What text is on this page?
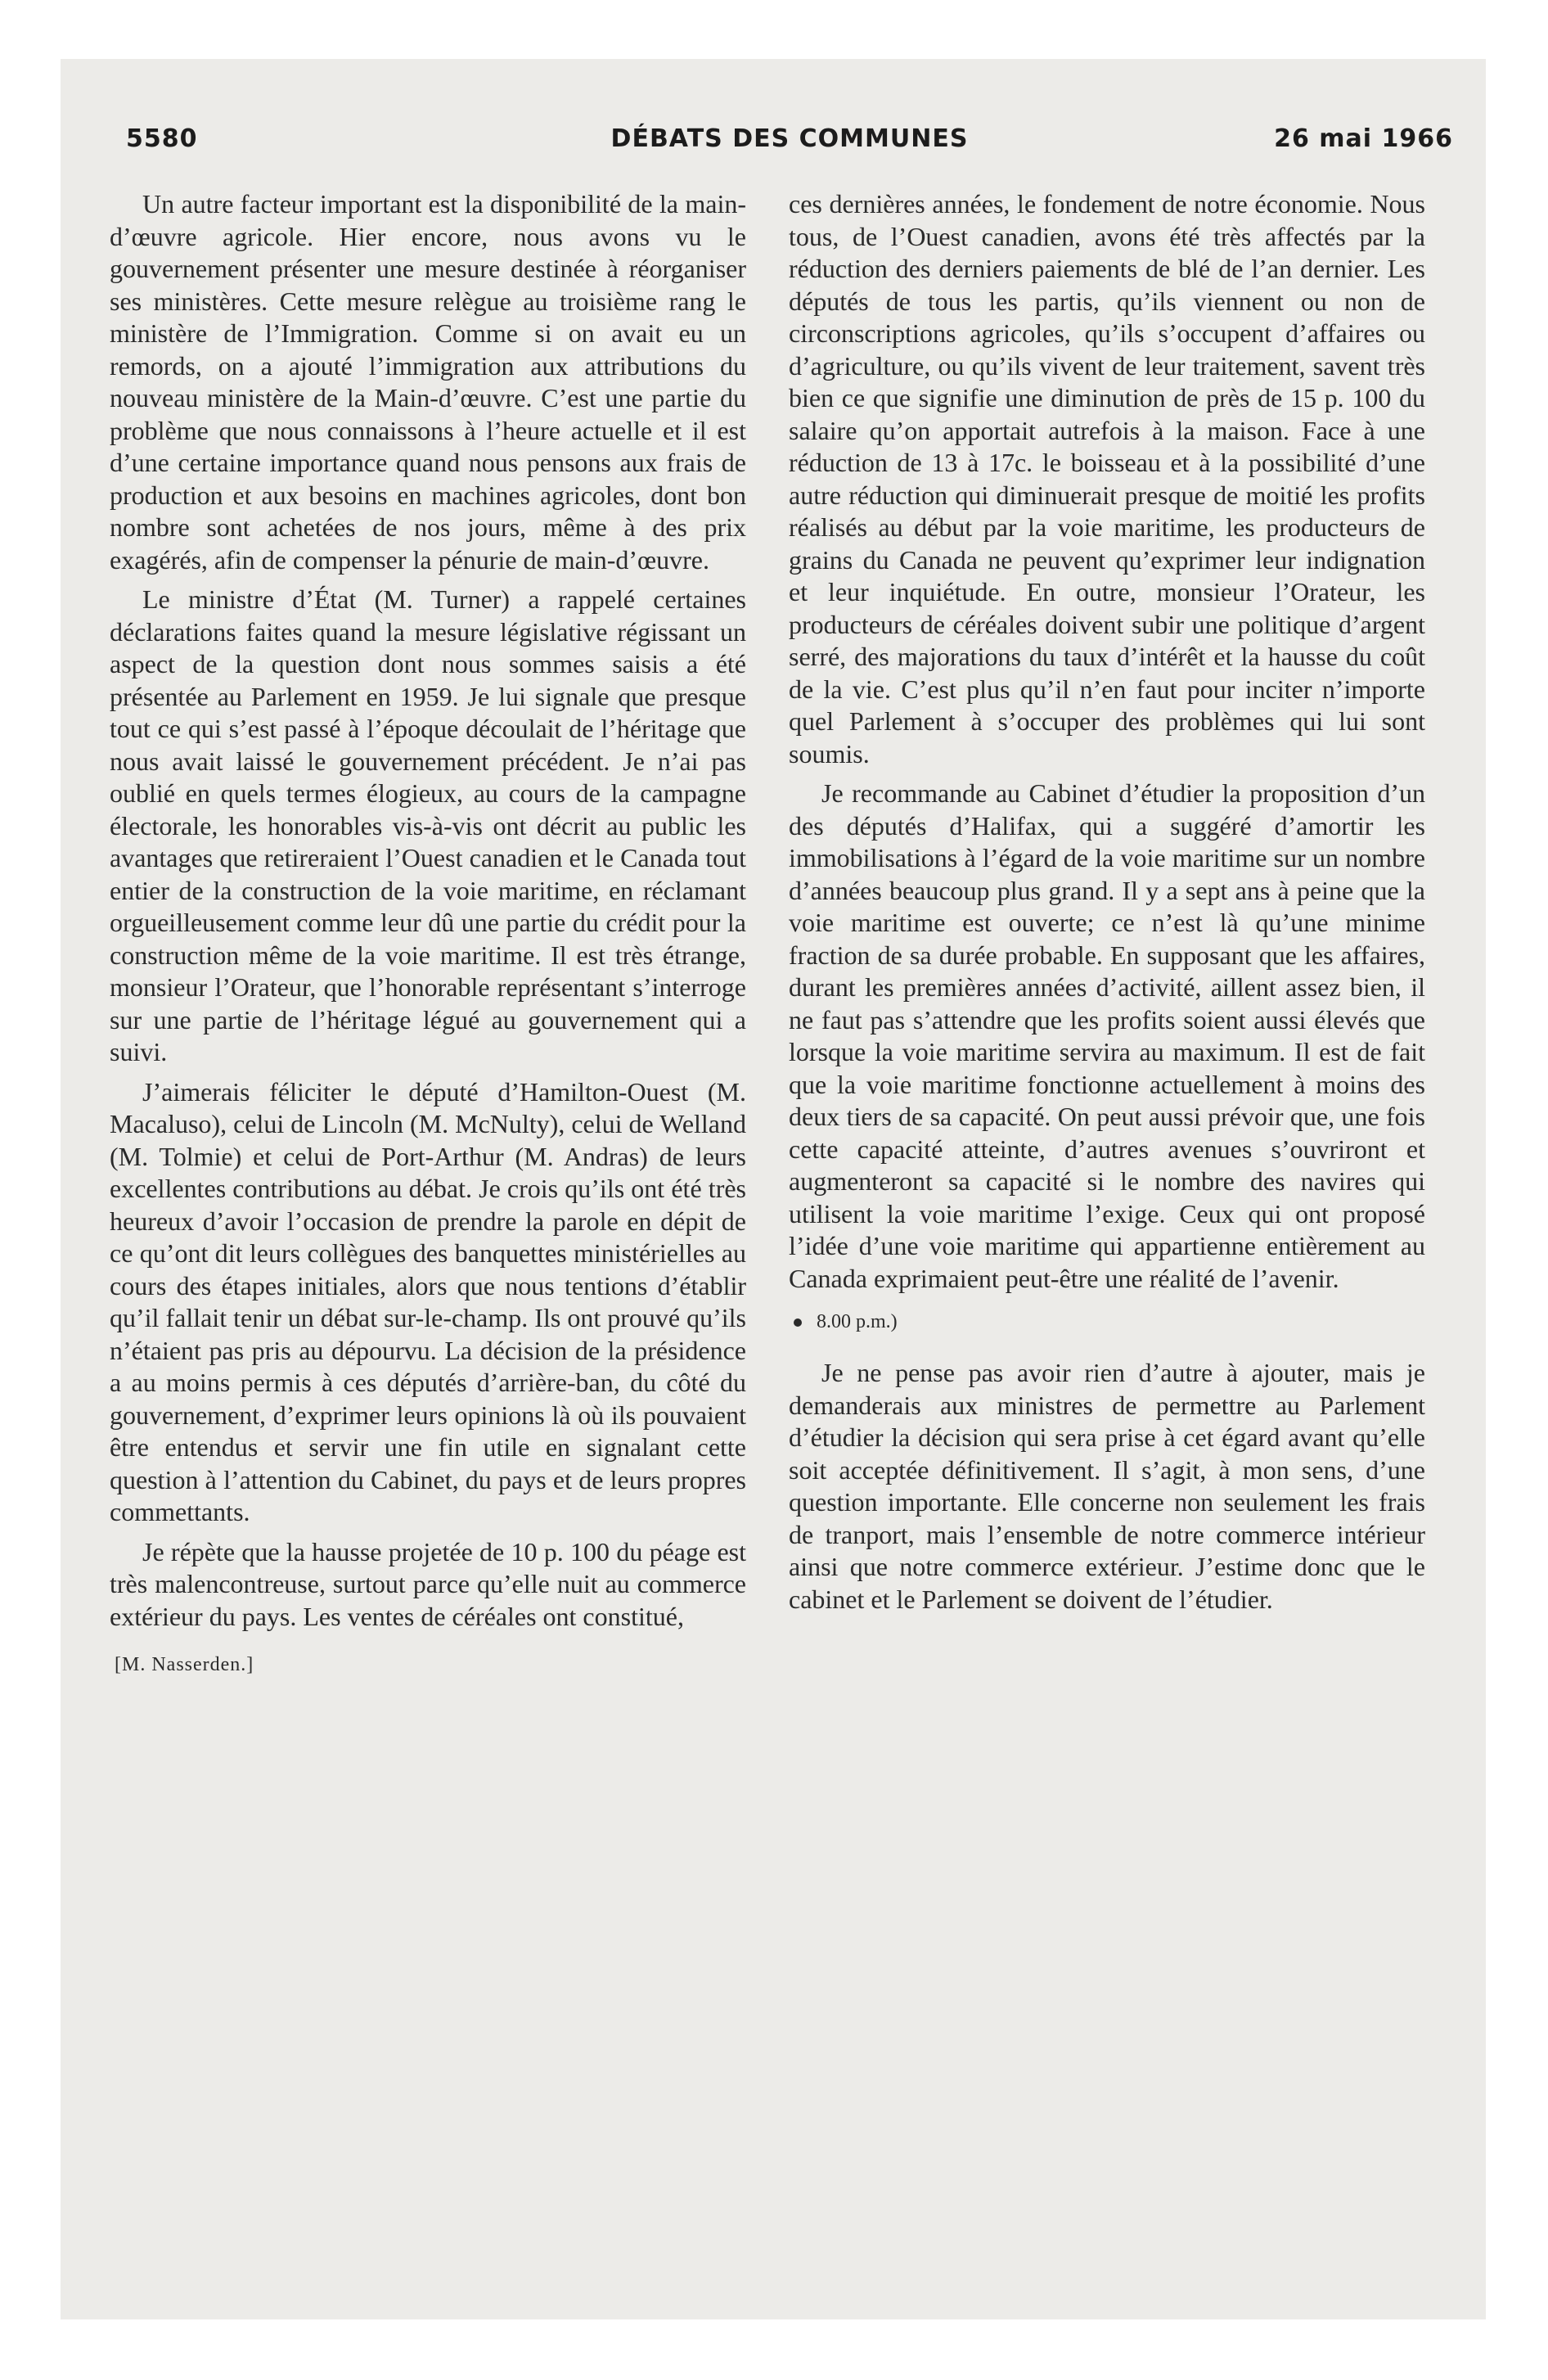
5580	DÉBATS DES COMMUNES	26 mai 1966

Un autre facteur important est la disponibilité de la main-d’œuvre agricole. Hier encore, nous avons vu le gouvernement présenter une mesure destinée à réorganiser ses ministères. Cette mesure relègue au troisième rang le ministère de l’Immigration. Comme si on avait eu un remords, on a ajouté l’immigration aux attributions du nouveau ministère de la Main-d’œuvre. C’est une partie du problème que nous connaissons à l’heure actuelle et il est d’une certaine importance quand nous pensons aux frais de production et aux besoins en machines agricoles, dont bon nombre sont achetées de nos jours, même à des prix exagérés, afin de compenser la pénurie de main-d’œuvre.

Le ministre d’État (M. Turner) a rappelé certaines déclarations faites quand la mesure législative régissant un aspect de la question dont nous sommes saisis a été présentée au Parlement en 1959. Je lui signale que presque tout ce qui s’est passé à l’époque découlait de l’héritage que nous avait laissé le gouvernement précédent. Je n’ai pas oublié en quels termes élogieux, au cours de la campagne électorale, les honorables vis-à-vis ont décrit au public les avantages que retireraient l’Ouest canadien et le Canada tout entier de la construction de la voie maritime, en réclamant orgueilleusement comme leur dû une partie du crédit pour la construction même de la voie maritime. Il est très étrange, monsieur l’Orateur, que l’honorable représentant s’interroge sur une partie de l’héritage légué au gouvernement qui a suivi.

J’aimerais féliciter le député d’Hamilton-Ouest (M. Macaluso), celui de Lincoln (M. McNulty), celui de Welland (M. Tolmie) et celui de Port-Arthur (M. Andras) de leurs excellentes contributions au débat. Je crois qu’ils ont été très heureux d’avoir l’occasion de prendre la parole en dépit de ce qu’ont dit leurs collègues des banquettes ministérielles au cours des étapes initiales, alors que nous tentions d’établir qu’il fallait tenir un débat sur-le-champ. Ils ont prouvé qu’ils n’étaient pas pris au dépourvu. La décision de la présidence a au moins permis à ces députés d’arrière-ban, du côté du gouvernement, d’exprimer leurs opinions là où ils pouvaient être entendus et servir une fin utile en signalant cette question à l’attention du Cabinet, du pays et de leurs propres commettants.

Je répète que la hausse projetée de 10 p. 100 du péage est très malencontreuse, surtout parce qu’elle nuit au commerce extérieur du pays. Les ventes de céréales ont constitué,

[M. Nasserden.]

ces dernières années, le fondement de notre économie. Nous tous, de l’Ouest canadien, avons été très affectés par la réduction des derniers paiements de blé de l’an dernier. Les députés de tous les partis, qu’ils viennent ou non de circonscriptions agricoles, qu’ils s’occupent d’affaires ou d’agriculture, ou qu’ils vivent de leur traitement, savent très bien ce que signifie une diminution de près de 15 p. 100 du salaire qu’on apportait autrefois à la maison. Face à une réduction de 13 à 17c. le boisseau et à la possibilité d’une autre réduction qui diminuerait presque de moitié les profits réalisés au début par la voie maritime, les producteurs de grains du Canada ne peuvent qu’exprimer leur indignation et leur inquiétude. En outre, monsieur l’Orateur, les producteurs de céréales doivent subir une politique d’argent serré, des majorations du taux d’intérêt et la hausse du coût de la vie. C’est plus qu’il n’en faut pour inciter n’importe quel Parlement à s’occuper des problèmes qui lui sont soumis.

Je recommande au Cabinet d’étudier la proposition d’un des députés d’Halifax, qui a suggéré d’amortir les immobilisations à l’égard de la voie maritime sur un nombre d’années beaucoup plus grand. Il y a sept ans à peine que la voie maritime est ouverte; ce n’est là qu’une minime fraction de sa durée probable. En supposant que les affaires, durant les premières années d’activité, aillent assez bien, il ne faut pas s’attendre que les profits soient aussi élevés que lorsque la voie maritime servira au maximum. Il est de fait que la voie maritime fonctionne actuellement à moins des deux tiers de sa capacité. On peut aussi prévoir que, une fois cette capacité atteinte, d’autres avenues s’ouvriront et augmenteront sa capacité si le nombre des navires qui utilisent la voie maritime l’exige. Ceux qui ont proposé l’idée d’une voie maritime qui appartienne entièrement au Canada exprimaient peut-être une réalité de l’avenir.

8.00 p.m.)

Je ne pense pas avoir rien d’autre à ajouter, mais je demanderais aux ministres de permettre au Parlement d’étudier la décision qui sera prise à cet égard avant qu’elle soit acceptée définitivement. Il s’agit, à mon sens, d’une question importante. Elle concerne non seulement les frais de tranport, mais l’ensemble de notre commerce intérieur ainsi que notre commerce extérieur. J’estime donc que le cabinet et le Parlement se doivent de l’étudier.
